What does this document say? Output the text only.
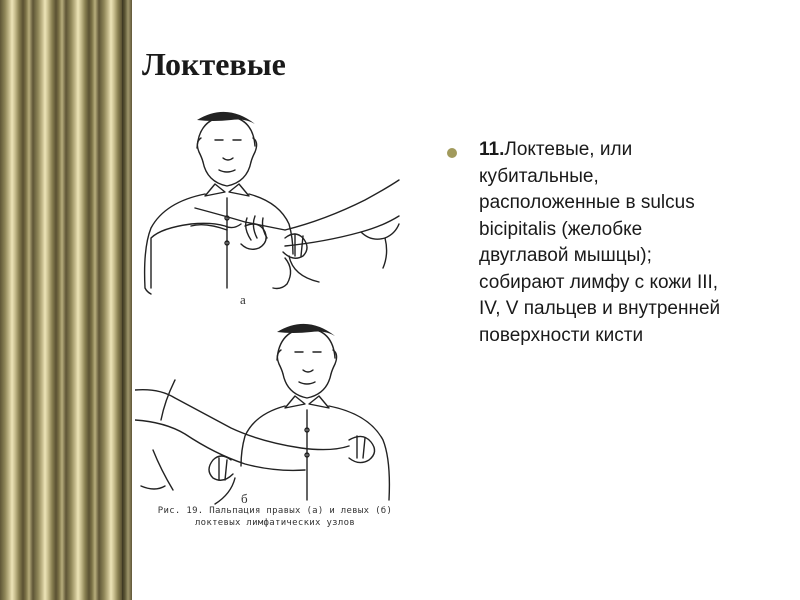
Локтевые
а
б
Рис. 19. Пальпация правых (а) и левых (б)
локтевых лимфатических узлов
11.Локтевые, или
кубитальные,
расположенные в sulcus
bicipitalis (желобке
двуглавой мышцы);
собирают лимфу с кожи III,
IV, V пальцев и внутренней
поверхности кисти
